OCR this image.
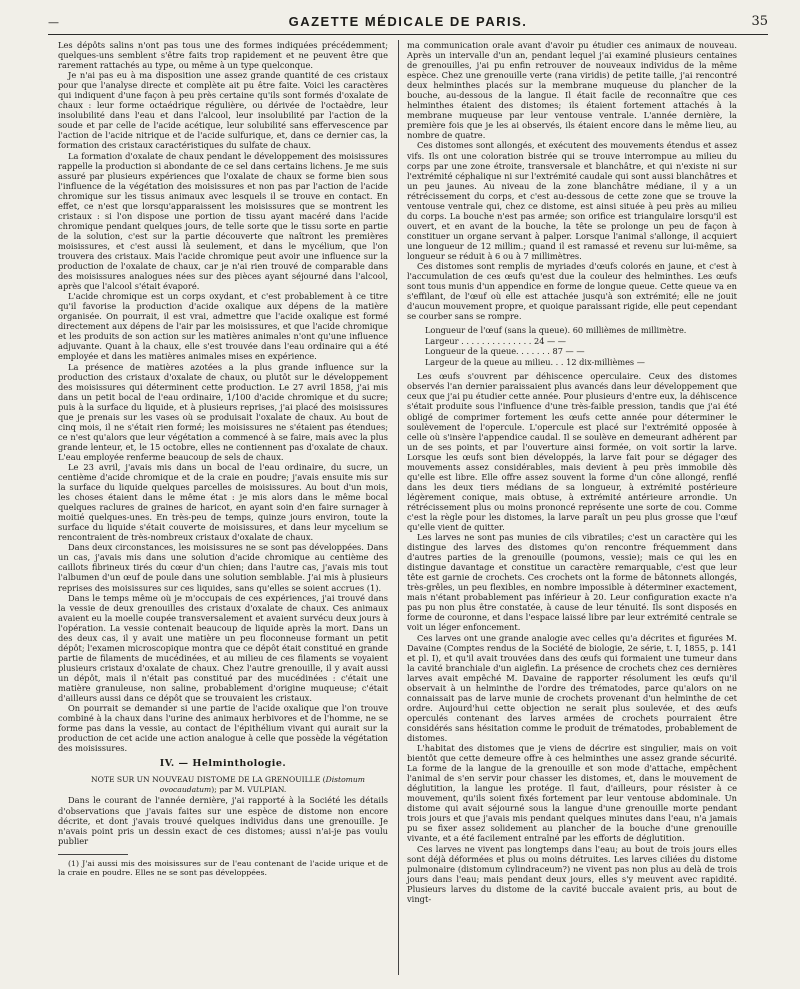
—	GAZETTE MÉDICALE DE PARIS.	35

Les dépôts salins n'ont pas tous une des formes indiquées précédemment; quelques-uns semblent s'être faits trop rapidement et ne peuvent être que rarement rattachés au type, ou même à un type quelconque.

Je n'ai pas eu à ma disposition une assez grande quantité de ces cristaux pour que l'analyse directe et complète ait pu être faite. Voici les caractères qui indiquent d'une façon à peu près certaine qu'ils sont formés d'oxalate de chaux : leur forme octaédrique régulière, ou dérivée de l'octaèdre, leur insolubilité dans l'eau et dans l'alcool, leur insolubilité par l'action de la soude et par celle de l'acide acétique, leur solubilité sans effervescence par l'action de l'acide nitrique et de l'acide sulfurique, et, dans ce dernier cas, la formation des cristaux caractéristiques du sulfate de chaux.

La formation d'oxalate de chaux pendant le développement des moisissures rappelle la production si abondante de ce sel dans certains lichens. Je me suis assuré par plusieurs expériences que l'oxalate de chaux se forme bien sous l'influence de la végétation des moisissures et non pas par l'action de l'acide chromique sur les tissus animaux avec lesquels il se trouve en contact. En effet, ce n'est que lorsqu'apparaissent les moisissures que se montrent les cristaux : si l'on dispose une portion de tissu ayant macéré dans l'acide chromique pendant quelques jours, de telle sorte que le tissu sorte en partie de la solution, c'est sur la partie découverte que naîtront les premières moisissures, et c'est aussi là seulement, et dans le mycélium, que l'on trouvera des cristaux. Mais l'acide chromique peut avoir une influence sur la production de l'oxalate de chaux, car je n'ai rien trouvé de comparable dans des moisissures analogues nées sur des pièces ayant séjourné dans l'alcool, après que l'alcool s'était évaporé.

L'acide chromique est un corps oxydant, et c'est probablement à ce titre qu'il favorise la production d'acide oxalique aux dépens de la matière organisée. On pourrait, il est vrai, admettre que l'acide oxalique est formé directement aux dépens de l'air par les moisissures, et que l'acide chromique et les produits de son action sur les matières animales n'ont qu'une influence adjuvante. Quant à la chaux, elle s'est trouvée dans l'eau ordinaire qui a été employée et dans les matières animales mises en expérience.

La présence de matières azotées a la plus grande influence sur la production des cristaux d'oxalate de chaux, ou plutôt sur le développement des moisissures qui déterminent cette production. Le 27 avril 1858, j'ai mis dans un petit bocal de l'eau ordinaire, 1/100 d'acide chromique et du sucre; puis à la surface du liquide, et à plusieurs reprises, j'ai placé des moisissures que je prenais sur les vases où se produisait l'oxalate de chaux. Au bout de cinq mois, il ne s'était rien formé; les moisissures ne s'étaient pas étendues; ce n'est qu'alors que leur végétation a commencé à se faire, mais avec la plus grande lenteur, et, le 15 octobre, elles ne contiennent pas d'oxalate de chaux. L'eau employée renferme beaucoup de sels de chaux.

Le 23 avril, j'avais mis dans un bocal de l'eau ordinaire, du sucre, un centième d'acide chromique et de la craie en poudre; j'avais ensuite mis sur la surface du liquide quelques parcelles de moisissures. Au bout d'un mois, les choses étaient dans le même état : je mis alors dans le même bocal quelques raclures de graines de haricot, en ayant soin d'en faire surnager à moitié quelques-unes. En très-peu de temps, quinze jours environ, toute la surface du liquide s'était couverte de moisissures, et dans leur mycelium se rencontraient de très-nombreux cristaux d'oxalate de chaux.

Dans deux circonstances, les moisissures ne se sont pas développées. Dans un cas, j'avais mis dans une solution d'acide chromique au centième des caillots fibrineux tirés du cœur d'un chien; dans l'autre cas, j'avais mis tout l'albumen d'un œuf de poule dans une solution semblable. J'ai mis à plusieurs reprises des moisissures sur ces liquides, sans qu'elles se soient accrues (1).

Dans le temps même où je m'occupais de ces expériences, j'ai trouvé dans la vessie de deux grenouilles des cristaux d'oxalate de chaux. Ces animaux avaient eu la moelle coupée transversalement et avaient survécu deux jours à l'opération. La vessie contenait beaucoup de liquide après la mort. Dans un des deux cas, il y avait une matière un peu floconneuse formant un petit dépôt; l'examen microscopique montra que ce dépôt était constitué en grande partie de filaments de mucédinées, et au milieu de ces filaments se voyaient plusieurs cristaux d'oxalate de chaux. Chez l'autre grenouille, il y avait aussi un dépôt, mais il n'était pas constitué par des mucédinées : c'était une matière granuleuse, non saline, probablement d'origine muqueuse; c'était d'ailleurs aussi dans ce dépôt que se trouvaient les cristaux.

On pourrait se demander si une partie de l'acide oxalique que l'on trouve combiné à la chaux dans l'urine des animaux herbivores et de l'homme, ne se forme pas dans la vessie, au contact de l'épithélium vivant qui aurait sur la production de cet acide une action analogue à celle que possède la végétation des moisissures.

IV. — Helminthologie.

NOTE SUR UN NOUVEAU DISTOME DE LA GRENOUILLE (Distomum ovocaudatum); par M. VULPIAN.

Dans le courant de l'année dernière, j'ai rapporté à la Société les détails d'observations que j'avais faites sur une espèce de distome non encore décrite, et dont j'avais trouvé quelques individus dans une grenouille. Je n'avais point pris un dessin exact de ces distomes; aussi n'ai-je pas voulu publier

(1) J'ai aussi mis des moisissures sur de l'eau contenant de l'acide urique et de la craie en poudre. Elles ne se sont pas développées.

ma communication orale avant d'avoir pu étudier ces animaux de nouveau. Après un intervalle d'un an, pendant lequel j'ai examiné plusieurs centaines de grenouilles, j'ai pu enfin retrouver de nouveaux individus de la même espèce. Chez une grenouille verte (rana viridis) de petite taille, j'ai rencontré deux helminthes placés sur la membrane muqueuse du plancher de la bouche, au-dessous de la langue. Il était facile de reconnaître que ces helminthes étaient des distomes; ils étaient fortement attachés à la membrane muqueuse par leur ventouse ventrale. L'année dernière, la première fois que je les ai observés, ils étaient encore dans le même lieu, au nombre de quatre.

Ces distomes sont allongés, et exécutent des mouvements étendus et assez vifs. Ils ont une coloration bistrée qui se trouve interrompue au milieu du corps par une zone étroite, transversale et blanchâtre, et qui n'existe ni sur l'extrémité céphalique ni sur l'extrémité caudale qui sont aussi blanchâtres et un peu jaunes. Au niveau de la zone blanchâtre médiane, il y a un rétrécissement du corps, et c'est au-dessous de cette zone que se trouve la ventouse ventrale qui, chez ce distome, est ainsi située à peu près au milieu du corps. La bouche n'est pas armée; son orifice est triangulaire lorsqu'il est ouvert, et en avant de la bouche, la tête se prolonge un peu de façon à constituer un organe servant à palper. Lorsque l'animal s'allonge, il acquiert une longueur de 12 millim.; quand il est ramassé et revenu sur lui-même, sa longueur se réduit à 6 ou à 7 millimètres.

Ces distomes sont remplis de myriades d'œufs colorés en jaune, et c'est à l'accumulation de ces œufs qu'est due la couleur des helminthes. Les œufs sont tous munis d'un appendice en forme de longue queue. Cette queue va en s'effilant, de l'œuf où elle est attachée jusqu'à son extrémité; elle ne jouit d'aucun mouvement propre, et quoique paraissant rigide, elle peut cependant se courber sans se rompre.

Longueur de l'œuf (sans la queue). 60 millièmes de millimètre.
Largeur . . . . . . . . . . . . . . 24 — —
Longueur de la queue. . . . . . . 87 — —
Largeur de la queue au milieu. . . 12 dix-millièmes —

Les œufs s'ouvrent par déhiscence operculaire. Ceux des distomes observés l'an dernier paraissaient plus avancés dans leur développement que ceux que j'ai pu étudier cette année. Pour plusieurs d'entre eux, la déhiscence s'était produite sous l'influence d'une très-faible pression, tandis que j'ai été obligé de comprimer fortement les œufs cette année pour déterminer le soulèvement de l'opercule. L'opercule est placé sur l'extrémité opposée à celle où s'insère l'appendice caudal. Il se soulève en demeurant adhérent par un de ses points, et par l'ouverture ainsi formée, on voit sortir la larve. Lorsque les œufs sont bien développés, la larve fait pour se dégager des mouvements assez considérables, mais devient à peu près immobile dès qu'elle est libre. Elle offre assez souvent la forme d'un cône allongé, renflé dans les deux tiers médians de sa longueur, à extrémité postérieure légèrement conique, mais obtuse, à extrémité antérieure arrondie. Un rétrécissement plus ou moins prononcé représente une sorte de cou. Comme c'est la règle pour les distomes, la larve paraît un peu plus grosse que l'œuf qu'elle vient de quitter.

Les larves ne sont pas munies de cils vibratiles; c'est un caractère qui les distingue des larves des distomes qu'on rencontre fréquemment dans d'autres parties de la grenouille (poumons, vessie); mais ce qui les en distingue davantage et constitue un caractère remarquable, c'est que leur tête est garnie de crochets. Ces crochets ont la forme de bâtonnets allongés, très-grêles, un peu flexibles, en nombre impossible à déterminer exactement, mais n'étant probablement pas inférieur à 20. Leur configuration exacte n'a pas pu non plus être constatée, à cause de leur ténuité. Ils sont disposés en forme de couronne, et dans l'espace laissé libre par leur extrémité centrale se voit un léger enfoncement.

Ces larves ont une grande analogie avec celles qu'a décrites et figurées M. Davaine (Comptes rendus de la Société de biologie, 2e série, t. I, 1855, p. 141 et pl. I), et qu'il avait trouvées dans des œufs qui formaient une tumeur dans la cavité branchiale d'un aiglefin. La présence de crochets chez ces dernières larves avait empêché M. Davaine de rapporter résolument les œufs qu'il observait à un helminthe de l'ordre des trématodes, parce qu'alors on ne connaissait pas de larve munie de crochets provenant d'un helminthe de cet ordre. Aujourd'hui cette objection ne serait plus soulevée, et des œufs operculés contenant des larves armées de crochets pourraient être considérés sans hésitation comme le produit de trématodes, probablement de distomes.

L'habitat des distomes que je viens de décrire est singulier, mais on voit bientôt que cette demeure offre à ces helminthes une assez grande sécurité. La forme de la langue de la grenouille et son mode d'attache, empêchent l'animal de s'en servir pour chasser les distomes, et, dans le mouvement de déglutition, la langue les protége. Il faut, d'ailleurs, pour résister à ce mouvement, qu'ils soient fixés fortement par leur ventouse abdominale. Un distome qui avait séjourné sous la langue d'une grenouille morte pendant trois jours et que j'avais mis pendant quelques minutes dans l'eau, n'a jamais pu se fixer assez solidement au plancher de la bouche d'une grenouille vivante, et a été facilement entraîné par les efforts de déglutition.

Ces larves ne vivent pas longtemps dans l'eau; au bout de trois jours elles sont déjà déformées et plus ou moins détruites. Les larves ciliées du distome pulmonaire (distomum cylindraceum?) ne vivent pas non plus au delà de trois jours dans l'eau; mais pendant deux jours, elles s'y meuvent avec rapidité. Plusieurs larves du distome de la cavité buccale avaient pris, au bout de vingt-
